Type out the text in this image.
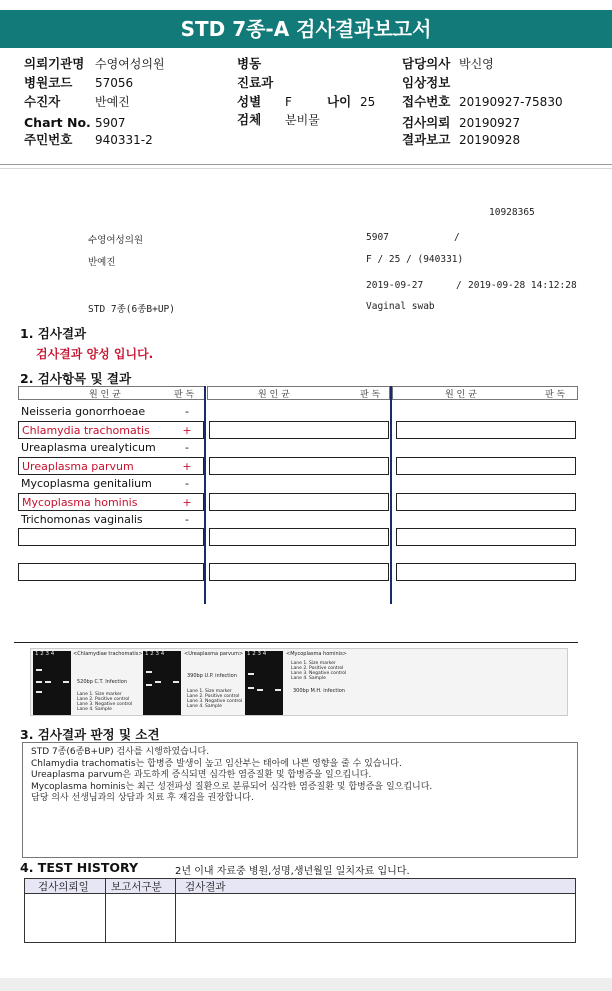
STD 7종-A 검사결과보고서
의뢰기관명 수영여성의원
병원코드 57056
수진자	반예진
Chart No. 5907
주민번호 940331-2
병동
진료과
성별 F	나이 25
검체 분비물
담당의사 박신영
임상정보
접수번호 20190927-75830
검사의뢰 20190927
결과보고 20190928
10928365
수영여성의원	5907	/
반예진	F / 25 / (940331)
2019-09-27	/ 2019-09-28 14:12:28
STD 7종(6종B+UP)	Vaginal swab
1. 검사결과
검사결과 양성 입니다.
2. 검사항목 및 결과
원 인 균	판 독	원 인 균	판 독	원 인 균	판 독
Neisseria gonorrhoeae	-
Chlamydia trachomatis	+
Ureaplasma urealyticum	-
Ureaplasma parvum	+
Mycoplasma genitalium	-
Mycoplasma hominis	+
Trichomonas vaginalis	-
1 2 3 4	<Chlamydiae trachomatis>
520bp C.T. Infection
Lane 1. Size marker
Lane 2. Positive control
Lane 3. Negative control
Lane 4. Sample
1 2 3 4	<Ureaplasma parvum>
390bp U.P. infection
Lane 1. Size marker
Lane 2. Positive control
Lane 3. Negative control
Lane 4. Sample
1 2 3 4	<Mycoplasma hominis>
Lane 1. Size marker
Lane 2. Positive control
Lane 3. Negative control
Lane 4. Sample
300bp M.H. infection
3. 검사결과 판정 및 소견
STD 7종(6종B+UP) 검사를 시행하였습니다.
Chlamydia trachomatis는 합병증 발생이 높고 임산부는 태아에 나쁜 영향을 줄 수 있습니다.
Ureaplasma parvum은 과도하게 증식되면 심각한 염증질환 및 합병증을 일으킵니다.
Mycoplasma hominis는 최근 성전파성 질환으로 분류되어 심각한 염증질환 및 합병증을 일으킵니다.
담당 의사 선생님과의 상담과 치료 후 재검을 권장합니다.
4. TEST HISTORY	2년 이내 자료중 병원,성명,생년월일 일치자료 입니다.
검사의뢰일 보고서구분 검사결과
